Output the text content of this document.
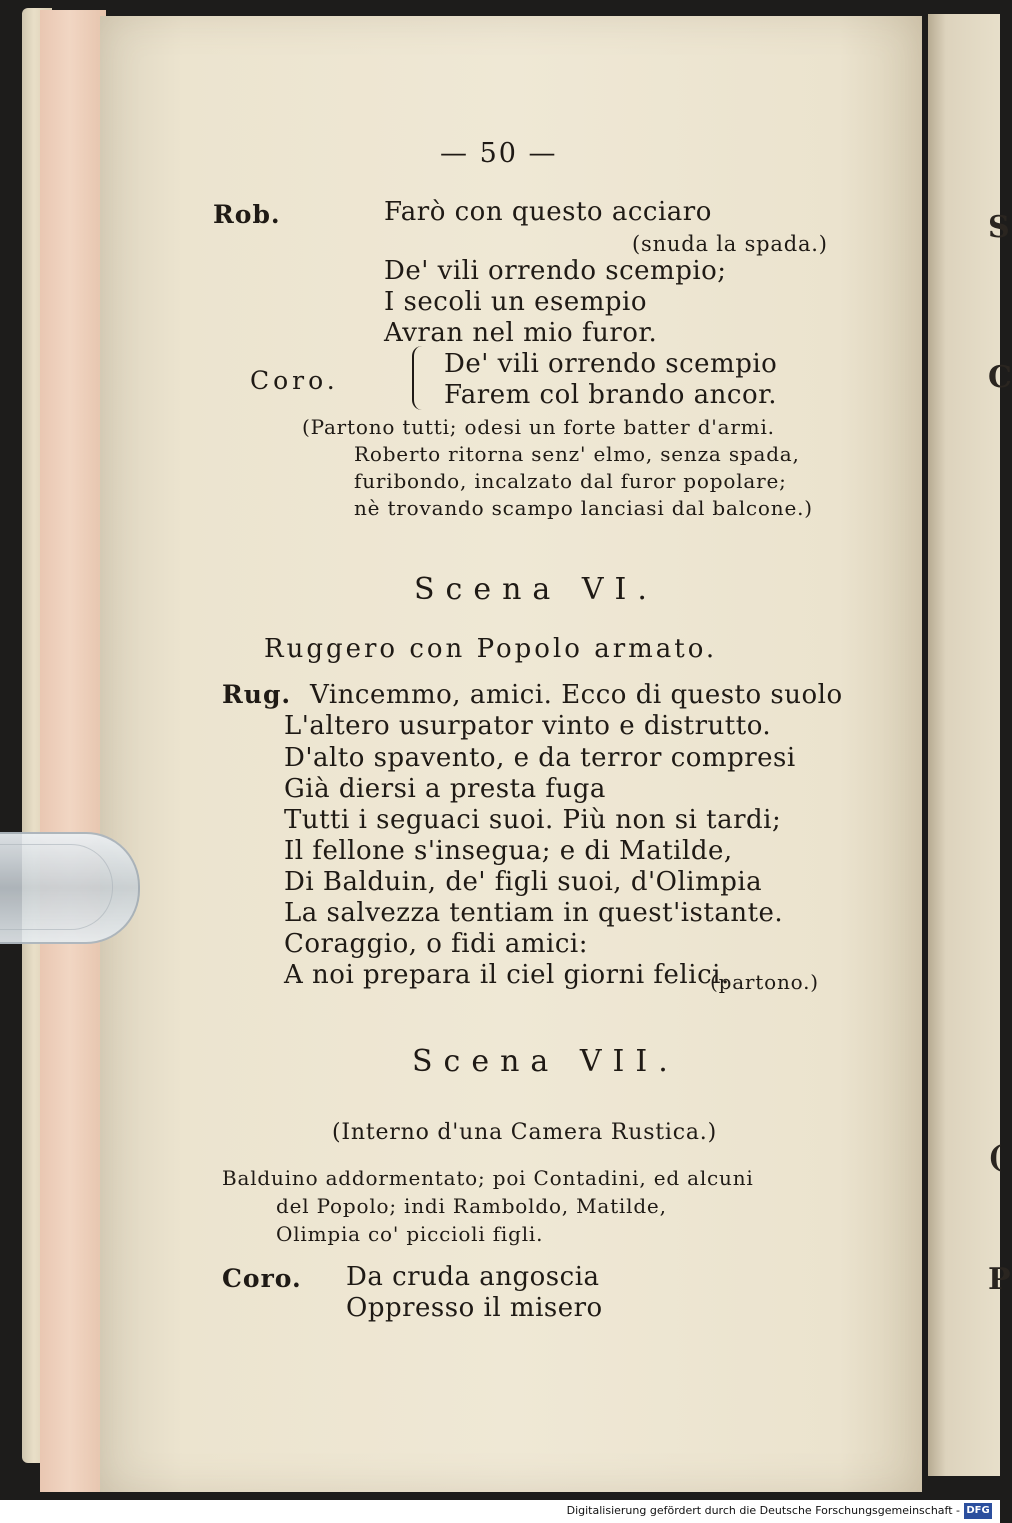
S
C
(
P
— 50 —
Rob.	Farò con questo acciaro
(snuda la spada.)
De' vili orrendo scempio;
I secoli un esempio
Avran nel mio furor.
Coro.
De' vili orrendo scempio
Farem col brando ancor.
(Partono tutti; odesi un forte batter d'armi.
Roberto ritorna senz' elmo, senza spada,
furibondo, incalzato dal furor popolare;
nè trovando scampo lanciasi dal balcone.)
Scena VI.
Ruggero con Popolo armato.
Rug. Vincemmo, amici. Ecco di questo suolo
L'altero usurpator vinto e distrutto.
D'alto spavento, e da terror compresi
Già diersi a presta fuga
Tutti i seguaci suoi. Più non si tardi;
Il fellone s'insegua; e di Matilde,
Di Balduin, de' figli suoi, d'Olimpia
La salvezza tentiam in quest'istante.
Coraggio, o fidi amici:
A noi prepara il ciel giorni felici.
(partono.)
Scena VII.
(Interno d'una Camera Rustica.)
Balduino addormentato; poi Contadini, ed alcuni
del Popolo; indi Ramboldo, Matilde,
Olimpia co' piccioli figli.
Coro. Da cruda angoscia
Oppresso il misero
Digitalisierung gefördert durch die Deutsche Forschungsgemeinschaft - DFG
